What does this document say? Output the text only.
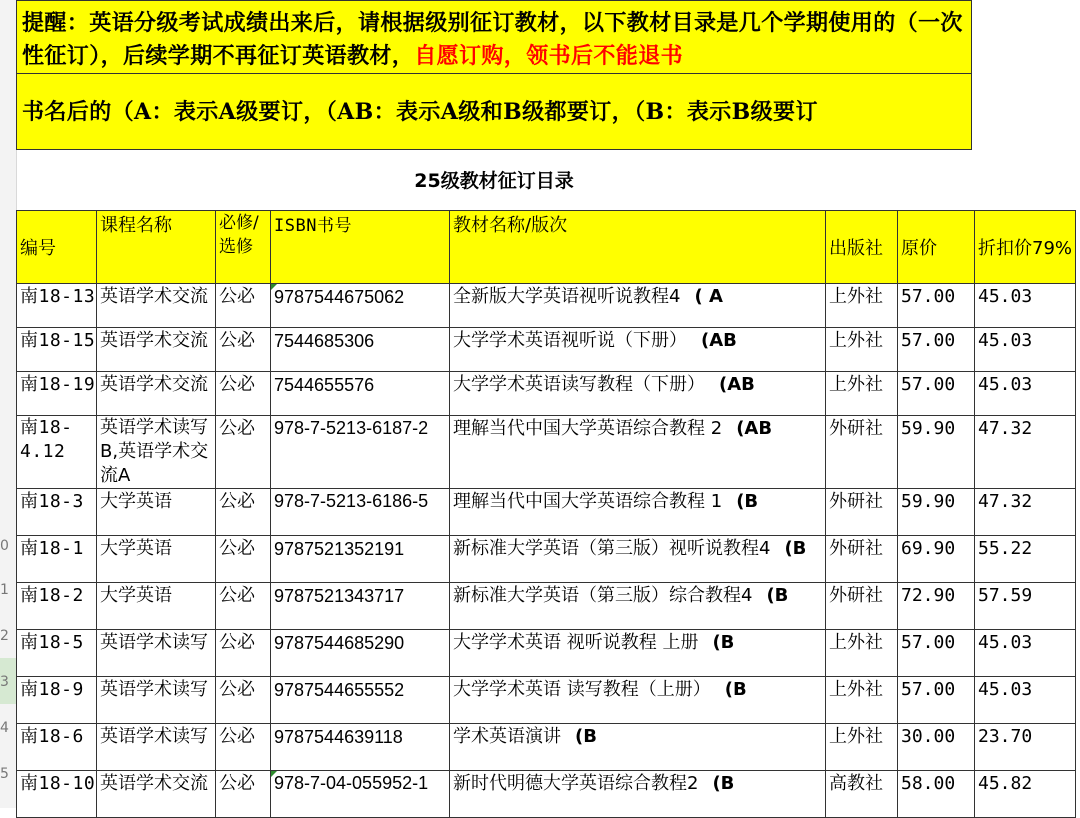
0
1
2
3
4
5
提醒：英语分级考试成绩出来后，请根据级别征订教材，以下教材目录是几个学期使用的（一次性征订），后续学期不再征订英语教材，自愿订购，领书后不能退书
书名后的（A：表示A级要订，（AB：表示A级和B级都要订，（B：表示B级要订
25级教材征订目录
编号	课程名称	必修/选修	ISBN书号	教材名称/版次	出版社	原价	折扣价79%
南18-13	英语学术交流	公必	9787544675062	全新版大学英语视听说教程4 ( A	上外社	57.00	45.03
南18-15	英语学术交流	公必	7544685306	大学学术英语视听说（下册） (AB	上外社	57.00	45.03
南18-19	英语学术交流	公必	7544655576	大学学术英语读写教程（下册） (AB	上外社	57.00	45.03
南18-4.12	英语学术读写B,英语学术交流A	公必	978-7-5213-6187-2	理解当代中国大学英语综合教程 2 (AB	外研社	59.90	47.32
南18-3	大学英语	公必	978-7-5213-6186-5	理解当代中国大学英语综合教程 1 (B	外研社	59.90	47.32
南18-1	大学英语	公必	9787521352191	新标准大学英语（第三版）视听说教程4 (B	外研社	69.90	55.22
南18-2	大学英语	公必	9787521343717	新标准大学英语（第三版）综合教程4 (B	外研社	72.90	57.59
南18-5	英语学术读写	公必	9787544685290	大学学术英语 视听说教程 上册 (B	上外社	57.00	45.03
南18-9	英语学术读写	公必	9787544655552	大学学术英语 读写教程（上册） (B	上外社	57.00	45.03
南18-6	英语学术读写	公必	9787544639118	学术英语演讲 (B	上外社	30.00	23.70
南18-10	英语学术交流	公必	978-7-04-055952-1	新时代明德大学英语综合教程2 (B	高教社	58.00	45.82
